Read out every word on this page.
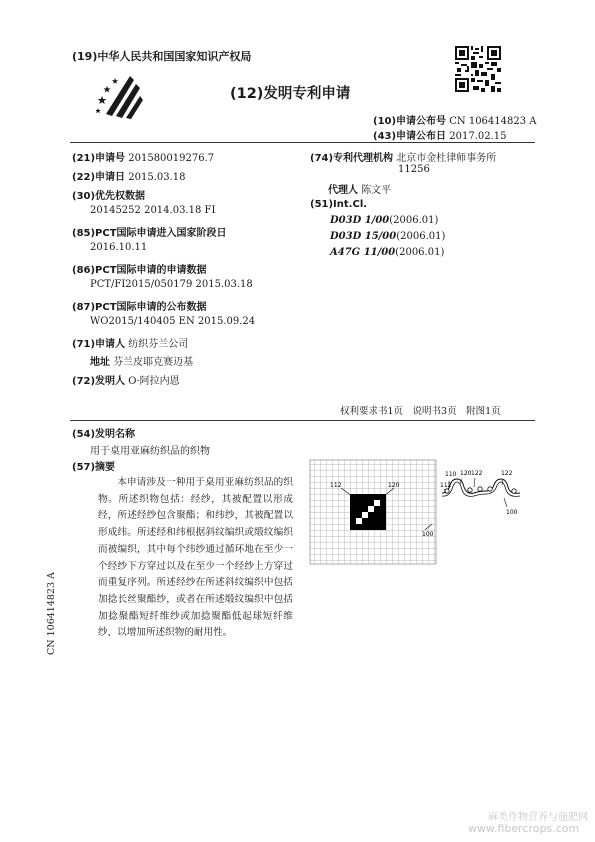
(19)中华人民共和国国家知识产权局
(12)发明专利申请
(10)申请公布号 CN 106414823 A
(43)申请公布日 2017.02.15
(21)申请号 201580019276.7
(22)申请日 2015.03.18
(30)优先权数据
20145252 2014.03.18 FI
(85)PCT国际申请进入国家阶段日
2016.10.11
(86)PCT国际申请的申请数据
PCT/FI2015/050179 2015.03.18
(87)PCT国际申请的公布数据
WO2015/140405 EN 2015.09.24
(71)申请人 纺织芬兰公司
地址 芬兰皮耶克赛迈基
(72)发明人 O·阿拉内恩
(74)专利代理机构 北京市金杜律师事务所
11256
代理人 陈文平
(51)Int.Cl.
D03D 1/00(2006.01)
D03D 15/00(2006.01)
A47G 11/00(2006.01)
权利要求书1页　说明书3页　附图1页
(54)发明名称
用于桌用亚麻纺织品的织物
(57)摘要
本申请涉及一种用于桌用亚麻纺织品的织物。所述织物包括：经纱，其被配置以形成经，所述经纱包含聚酯；和纬纱，其被配置以形成纬。所述经和纬根据斜纹编织或缎纹编织而被编织，其中每个纬纱通过循环地在至少一个经纱下方穿过以及在至少一个经纱上方穿过而重复序列。所述经纱在所述斜纹编织中包括加捻长丝聚酯纱，或者在所述缎纹编织中包括加捻聚酯短纤维纱或加捻聚酯低起球短纤维纱，以增加所述织物的耐用性。
112	120
100
110 120 122	122
112
100
CN 106414823 A
麻类作物营养与施肥网
www.fibercrops.com
